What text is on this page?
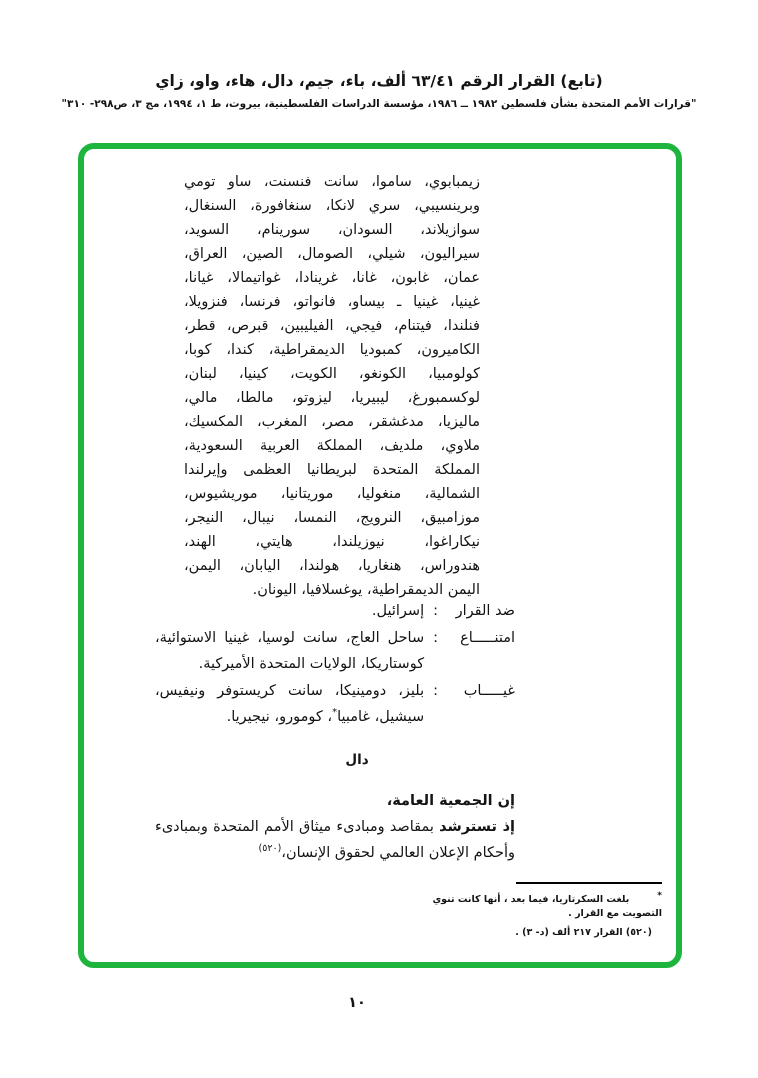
(تابع) القرار الرقم ٦٣/٤١ ألف، باء، جيم، دال، هاء، واو، زاي
"قرارات الأمم المتحدة بشأن فلسطين ١٩٨٢ ــ ١٩٨٦، مؤسسة الدراسات الفلسطينية، بيروت، ط ١، ١٩٩٤، مج ٣، ص٢٩٨- ٣١٠"
زيمبابوي، ساموا، سانت فنسنت، ساو تومي
وبرينسيبي، سري لانكا، سنغافورة، السنغال،
سوازيلاند، السودان، سورينام، السويد،
سيراليون، شيلي، الصومال، الصين، العراق،
عمان، غابون، غانا، غرينادا، غواتيمالا، غيانا،
غينيا، غينيا ـ بيساو، فانواتو، فرنسا، فنزويلا،
فنلندا، فيتنام، فيجي، الفيليبين، قبرص، قطر،
الكاميرون، كمبوديا الديمقراطية، كندا، كوبا،
كولومبيا، الكونغو، الكويت، كينيا، لبنان،
لوكسمبورغ، ليبيريا، ليزوتو، مالطا، مالي،
ماليزيا، مدغشقر، مصر، المغرب، المكسيك،
ملاوي، ملديف، المملكة العربية السعودية،
المملكة المتحدة لبريطانيا العظمى وإيرلندا
الشمالية، منغوليا، موريتانيا، موريشيوس،
موزامبيق، النرويج، النمسا، نيبال، النيجر،
نيكاراغوا، نيوزيلندا، هايتي، الهند،
هندوراس، هنغاريا، هولندا، اليابان، اليمن،
اليمن الديمقراطية، يوغسلافيا، اليونان.
ضد القرار
:
إسرائيل.
امتنـــــاع
:
ساحل العاج، سانت لوسيا، غينيا الاستوائية،
كوستاريكا، الولايات المتحدة الأميركية.
غيـــــاب
:
بليز، دومينيكا، سانت كريستوفر ونيفيس،
سيشيل، غامبيا*، كومورو، نيجيريا.
دال
إن الجمعية العامة،
إذ تسترشد بمقاصد ومبادىء ميثاق الأمم المتحدة وبمبادىء
وأحكام الإعلان العالمي لحقوق الإنسان،$^{(٥٢٠)}$
*بلغت السكرتاريا، فيما بعد ، أنها كانت تنوي التصويت مع القرار .
(٥٢٠) القرار ٢١٧ ألف (د- ٣) .
١٠
